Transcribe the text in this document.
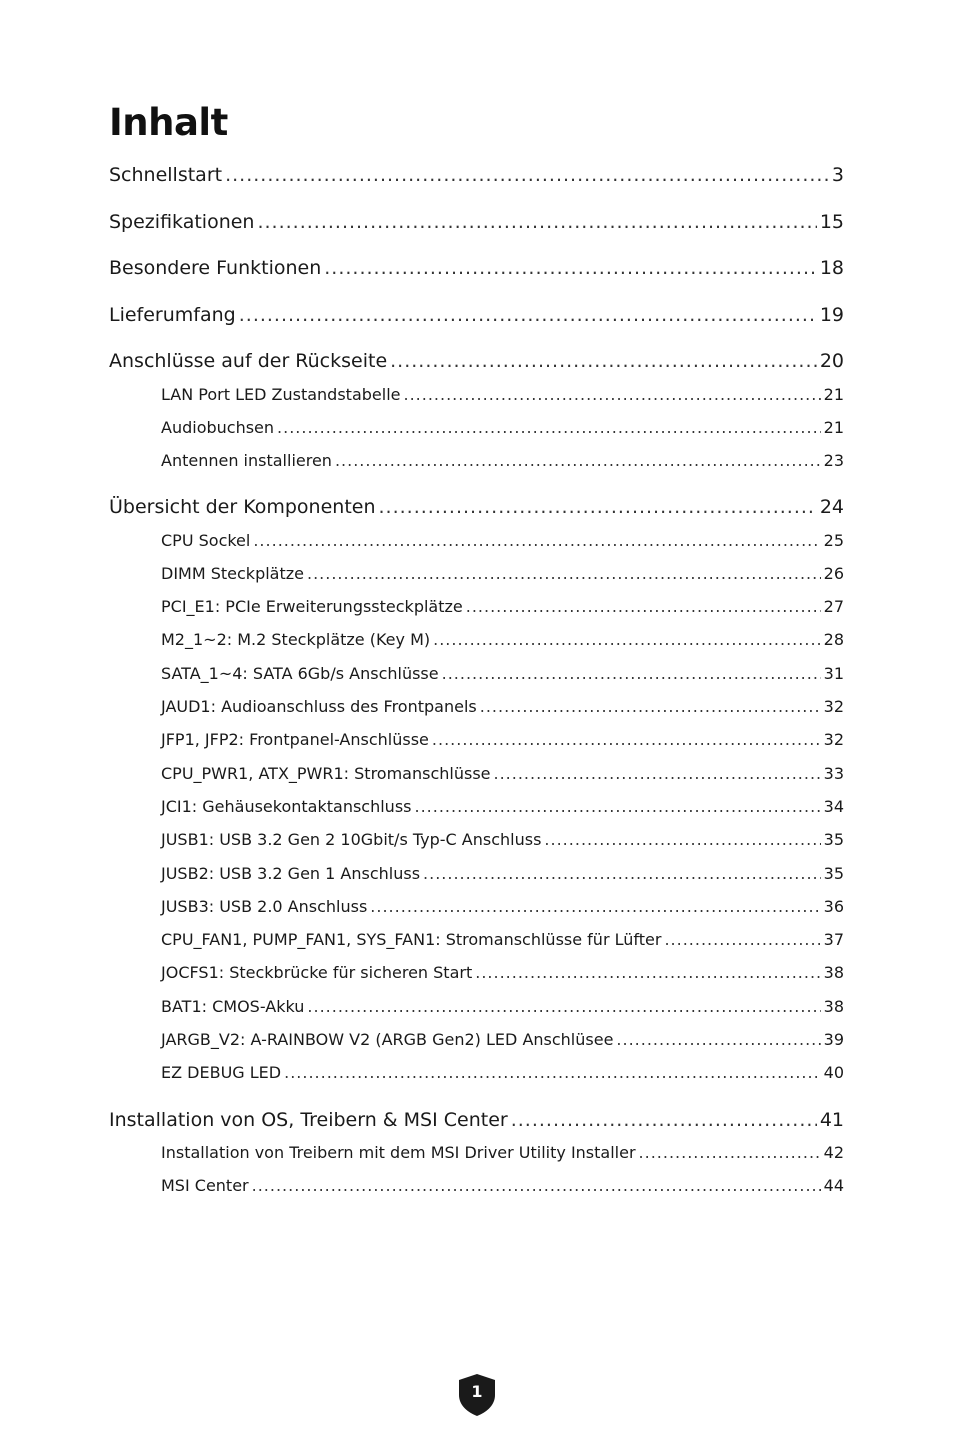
Inhalt
Schnellstart .....	3
Spezifikationen .....	15
Besondere Funktionen .....	18
Lieferumfang .....	19
Anschlüsse auf der Rückseite .....	20
LAN Port LED Zustandstabelle .....	21
Audiobuchsen .....	21
Antennen installieren .....	23
Übersicht der Komponenten .....	24
CPU Sockel .....	25
DIMM Steckplätze .....	26
PCI_E1: PCIe Erweiterungssteckplätze .....	27
M2_1~2: M.2 Steckplätze (Key M) .....	28
SATA_1~4: SATA 6Gb/s Anschlüsse .....	31
JAUD1: Audioanschluss des Frontpanels .....	32
JFP1, JFP2: Frontpanel-Anschlüsse .....	32
CPU_PWR1, ATX_PWR1: Stromanschlüsse .....	33
JCI1: Gehäusekontaktanschluss .....	34
JUSB1: USB 3.2 Gen 2 10Gbit/s Typ-C Anschluss .....	35
JUSB2: USB 3.2 Gen 1 Anschluss .....	35
JUSB3: USB 2.0 Anschluss .....	36
CPU_FAN1, PUMP_FAN1, SYS_FAN1: Stromanschlüsse für Lüfter .....	37
JOCFS1: Steckbrücke für sicheren Start .....	38
BAT1: CMOS-Akku .....	38
JARGB_V2: A-RAINBOW V2 (ARGB Gen2) LED Anschlüsee .....	39
EZ DEBUG LED .....	40
Installation von OS, Treibern & MSI Center .....	41
Installation von Treibern mit dem MSI Driver Utility Installer .....	42
MSI Center .....	44
1
